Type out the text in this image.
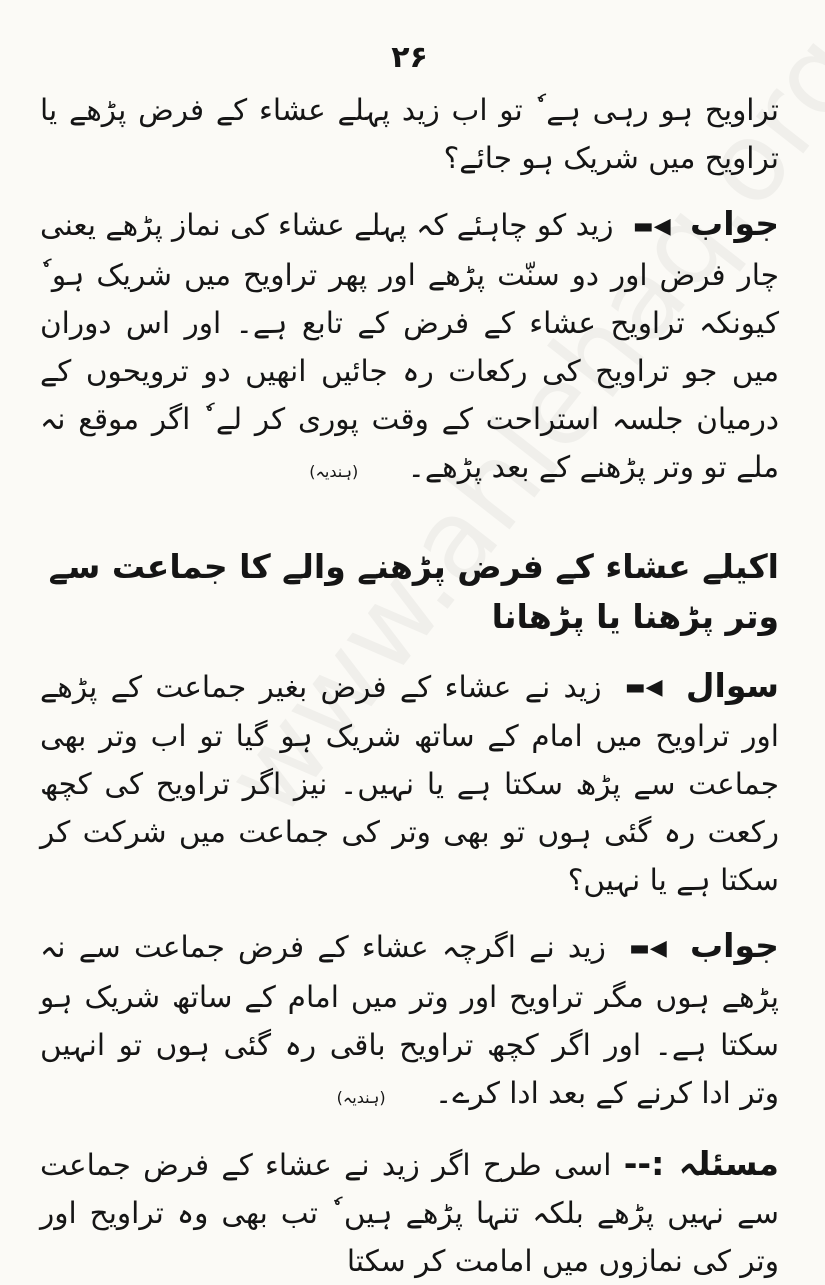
۲۶

تراویح ہو رہی ہے ٗ تو اب زید پہلے عشاء کے فرض پڑھے یا تراویح میں شریک ہو جائے؟

جواب ◀▬ زید کو چاہئے کہ پہلے عشاء کی نماز پڑھے یعنی چار فرض اور دو سنّت پڑھے اور پھر تراویح میں شریک ہو ٗ کیونکہ تراویح عشاء کے فرض کے تابع ہے۔ اور اس دوران میں جو تراویح کی رکعات رہ جائیں انھیں دو ترویحوں کے درمیان جلسہ استراحت کے وقت پوری کر لے ٗ اگر موقع نہ ملے تو وتر پڑھنے کے بعد پڑھے۔ (ہندیہ)

اکیلے عشاء کے فرض پڑھنے والے کا جماعت سے وتر پڑھنا یا پڑھانا

سوال ◀▬ زید نے عشاء کے فرض بغیر جماعت کے پڑھے اور تراویح میں امام کے ساتھ شریک ہو گیا تو اب وتر بھی جماعت سے پڑھ سکتا ہے یا نہیں۔ نیز اگر تراویح کی کچھ رکعت رہ گئی ہوں تو بھی وتر کی جماعت میں شرکت کر سکتا ہے یا نہیں؟

جواب ◀▬ زید نے اگرچہ عشاء کے فرض جماعت سے نہ پڑھے ہوں مگر تراویح اور وتر میں امام کے ساتھ شریک ہو سکتا ہے۔ اور اگر کچھ تراویح باقی رہ گئی ہوں تو انہیں وتر ادا کرنے کے بعد ادا کرے۔ (ہندیہ)

مسئلہ :-- اسی طرح اگر زید نے عشاء کے فرض جماعت سے نہیں پڑھے بلکہ تنہا پڑھے ہیں ٗ تب بھی وہ تراویح اور وتر کی نمازوں میں امامت کر سکتا
